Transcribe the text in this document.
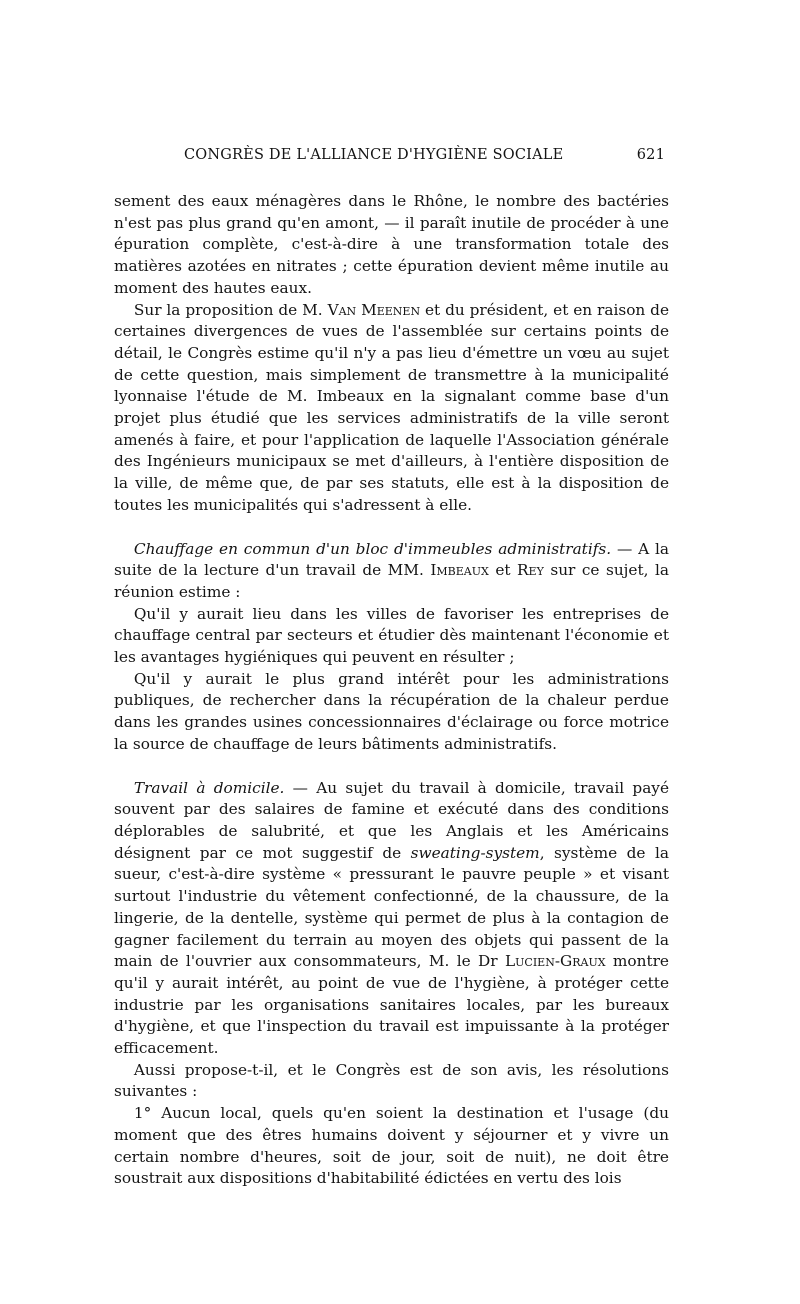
CONGRÈS DE L'ALLIANCE D'HYGIÈNE SOCIALE	621

sement des eaux ménagères dans le Rhône, le nombre des bactéries n'est pas plus grand qu'en amont, — il paraît inutile de procéder à une épuration complète, c'est-à-dire à une transformation totale des matières azotées en nitrates ; cette épuration devient même inutile au moment des hautes eaux.

Sur la proposition de M. Van Meenen et du président, et en raison de certaines divergences de vues de l'assemblée sur certains points de détail, le Congrès estime qu'il n'y a pas lieu d'émettre un vœu au sujet de cette question, mais simplement de transmettre à la municipalité lyonnaise l'étude de M. Imbeaux en la signalant comme base d'un projet plus étudié que les services administratifs de la ville seront amenés à faire, et pour l'application de laquelle l'Association générale des Ingénieurs municipaux se met d'ailleurs, à l'entière disposition de la ville, de même que, de par ses statuts, elle est à la disposition de toutes les municipalités qui s'adressent à elle.

Chauffage en commun d'un bloc d'immeubles administratifs. — A la suite de la lecture d'un travail de MM. Imbeaux et Rey sur ce sujet, la réunion estime :

Qu'il y aurait lieu dans les villes de favoriser les entreprises de chauffage central par secteurs et étudier dès maintenant l'économie et les avantages hygiéniques qui peuvent en résulter ;

Qu'il y aurait le plus grand intérêt pour les administrations publiques, de rechercher dans la récupération de la chaleur perdue dans les grandes usines concessionnaires d'éclairage ou force motrice la source de chauffage de leurs bâtiments administratifs.

Travail à domicile. — Au sujet du travail à domicile, travail payé souvent par des salaires de famine et exécuté dans des conditions déplorables de salubrité, et que les Anglais et les Américains désignent par ce mot suggestif de sweating-system, système de la sueur, c'est-à-dire système « pressurant le pauvre peuple » et visant surtout l'industrie du vêtement confectionné, de la chaussure, de la lingerie, de la dentelle, système qui permet de plus à la contagion de gagner facilement du terrain au moyen des objets qui passent de la main de l'ouvrier aux consommateurs, M. le Dr Lucien-Graux montre qu'il y aurait intérêt, au point de vue de l'hygiène, à protéger cette industrie par les organisations sanitaires locales, par les bureaux d'hygiène, et que l'inspection du travail est impuissante à la protéger efficacement.

Aussi propose-t-il, et le Congrès est de son avis, les résolutions suivantes :

1° Aucun local, quels qu'en soient la destination et l'usage (du moment que des êtres humains doivent y séjourner et y vivre un certain nombre d'heures, soit de jour, soit de nuit), ne doit être soustrait aux dispositions d'habitabilité édictées en vertu des lois
